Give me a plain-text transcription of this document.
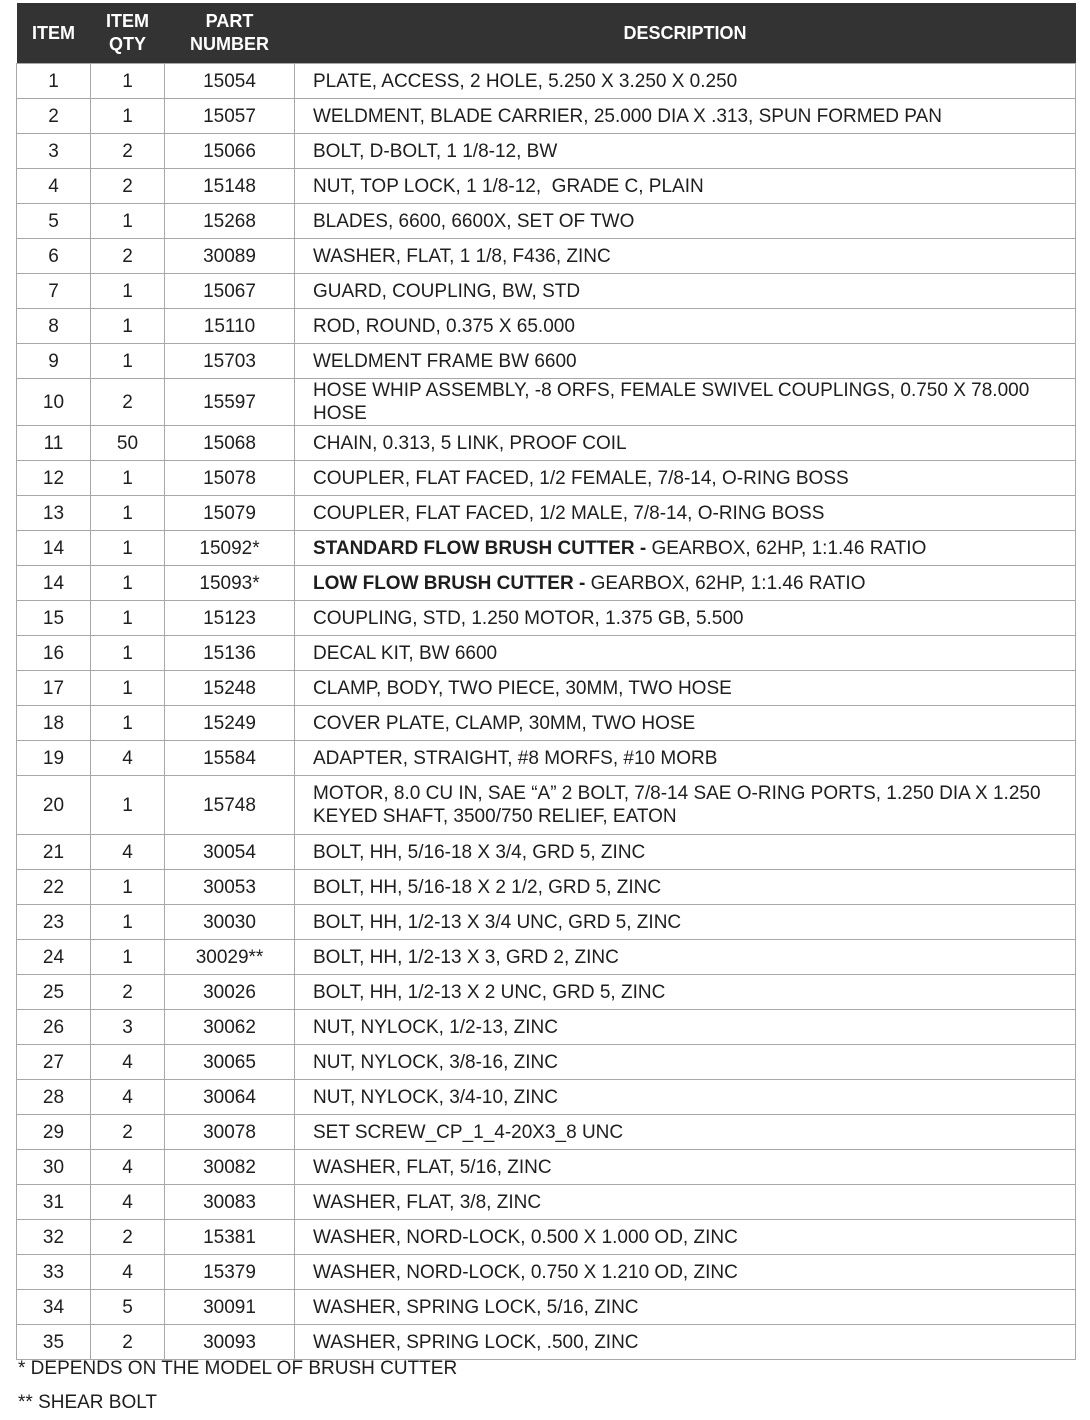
ITEM	ITEM QTY	PART NUMBER	DESCRIPTION
1	1	15054	PLATE, ACCESS, 2 HOLE, 5.250 X 3.250 X 0.250
2	1	15057	WELDMENT, BLADE CARRIER, 25.000 DIA X .313, SPUN FORMED PAN
3	2	15066	BOLT, D-BOLT, 1 1/8-12, BW
4	2	15148	NUT, TOP LOCK, 1 1/8-12,  GRADE C, PLAIN
5	1	15268	BLADES, 6600, 6600X, SET OF TWO
6	2	30089	WASHER, FLAT, 1 1/8, F436, ZINC
7	1	15067	GUARD, COUPLING, BW, STD
8	1	15110	ROD, ROUND, 0.375 X 65.000
9	1	15703	WELDMENT FRAME BW 6600
10	2	15597	HOSE WHIP ASSEMBLY, -8 ORFS, FEMALE SWIVEL COUPLINGS, 0.750 X 78.000 HOSE
11	50	15068	CHAIN, 0.313, 5 LINK, PROOF COIL
12	1	15078	COUPLER, FLAT FACED, 1/2 FEMALE, 7/8-14, O-RING BOSS
13	1	15079	COUPLER, FLAT FACED, 1/2 MALE, 7/8-14, O-RING BOSS
14	1	15092*	STANDARD FLOW BRUSH CUTTER - GEARBOX, 62HP, 1:1.46 RATIO
14	1	15093*	LOW FLOW BRUSH CUTTER - GEARBOX, 62HP, 1:1.46 RATIO
15	1	15123	COUPLING, STD, 1.250 MOTOR, 1.375 GB, 5.500
16	1	15136	DECAL KIT, BW 6600
17	1	15248	CLAMP, BODY, TWO PIECE, 30MM, TWO HOSE
18	1	15249	COVER PLATE, CLAMP, 30MM, TWO HOSE
19	4	15584	ADAPTER, STRAIGHT, #8 MORFS, #10 MORB
20	1	15748	MOTOR, 8.0 CU IN, SAE “A” 2 BOLT, 7/8-14 SAE O-RING PORTS, 1.250 DIA X 1.250 KEYED SHAFT, 3500/750 RELIEF, EATON
21	4	30054	BOLT, HH, 5/16-18 X 3/4, GRD 5, ZINC
22	1	30053	BOLT, HH, 5/16-18 X 2 1/2, GRD 5, ZINC
23	1	30030	BOLT, HH, 1/2-13 X 3/4 UNC, GRD 5, ZINC
24	1	30029**	BOLT, HH, 1/2-13 X 3, GRD 2, ZINC
25	2	30026	BOLT, HH, 1/2-13 X 2 UNC, GRD 5, ZINC
26	3	30062	NUT, NYLOCK, 1/2-13, ZINC
27	4	30065	NUT, NYLOCK, 3/8-16, ZINC
28	4	30064	NUT, NYLOCK, 3/4-10, ZINC
29	2	30078	SET SCREW_CP_1_4-20X3_8 UNC
30	4	30082	WASHER, FLAT, 5/16, ZINC
31	4	30083	WASHER, FLAT, 3/8, ZINC
32	2	15381	WASHER, NORD-LOCK, 0.500 X 1.000 OD, ZINC
33	4	15379	WASHER, NORD-LOCK, 0.750 X 1.210 OD, ZINC
34	5	30091	WASHER, SPRING LOCK, 5/16, ZINC
35	2	30093	WASHER, SPRING LOCK, .500, ZINC
* DEPENDS ON THE MODEL OF BRUSH CUTTER
** SHEAR BOLT
